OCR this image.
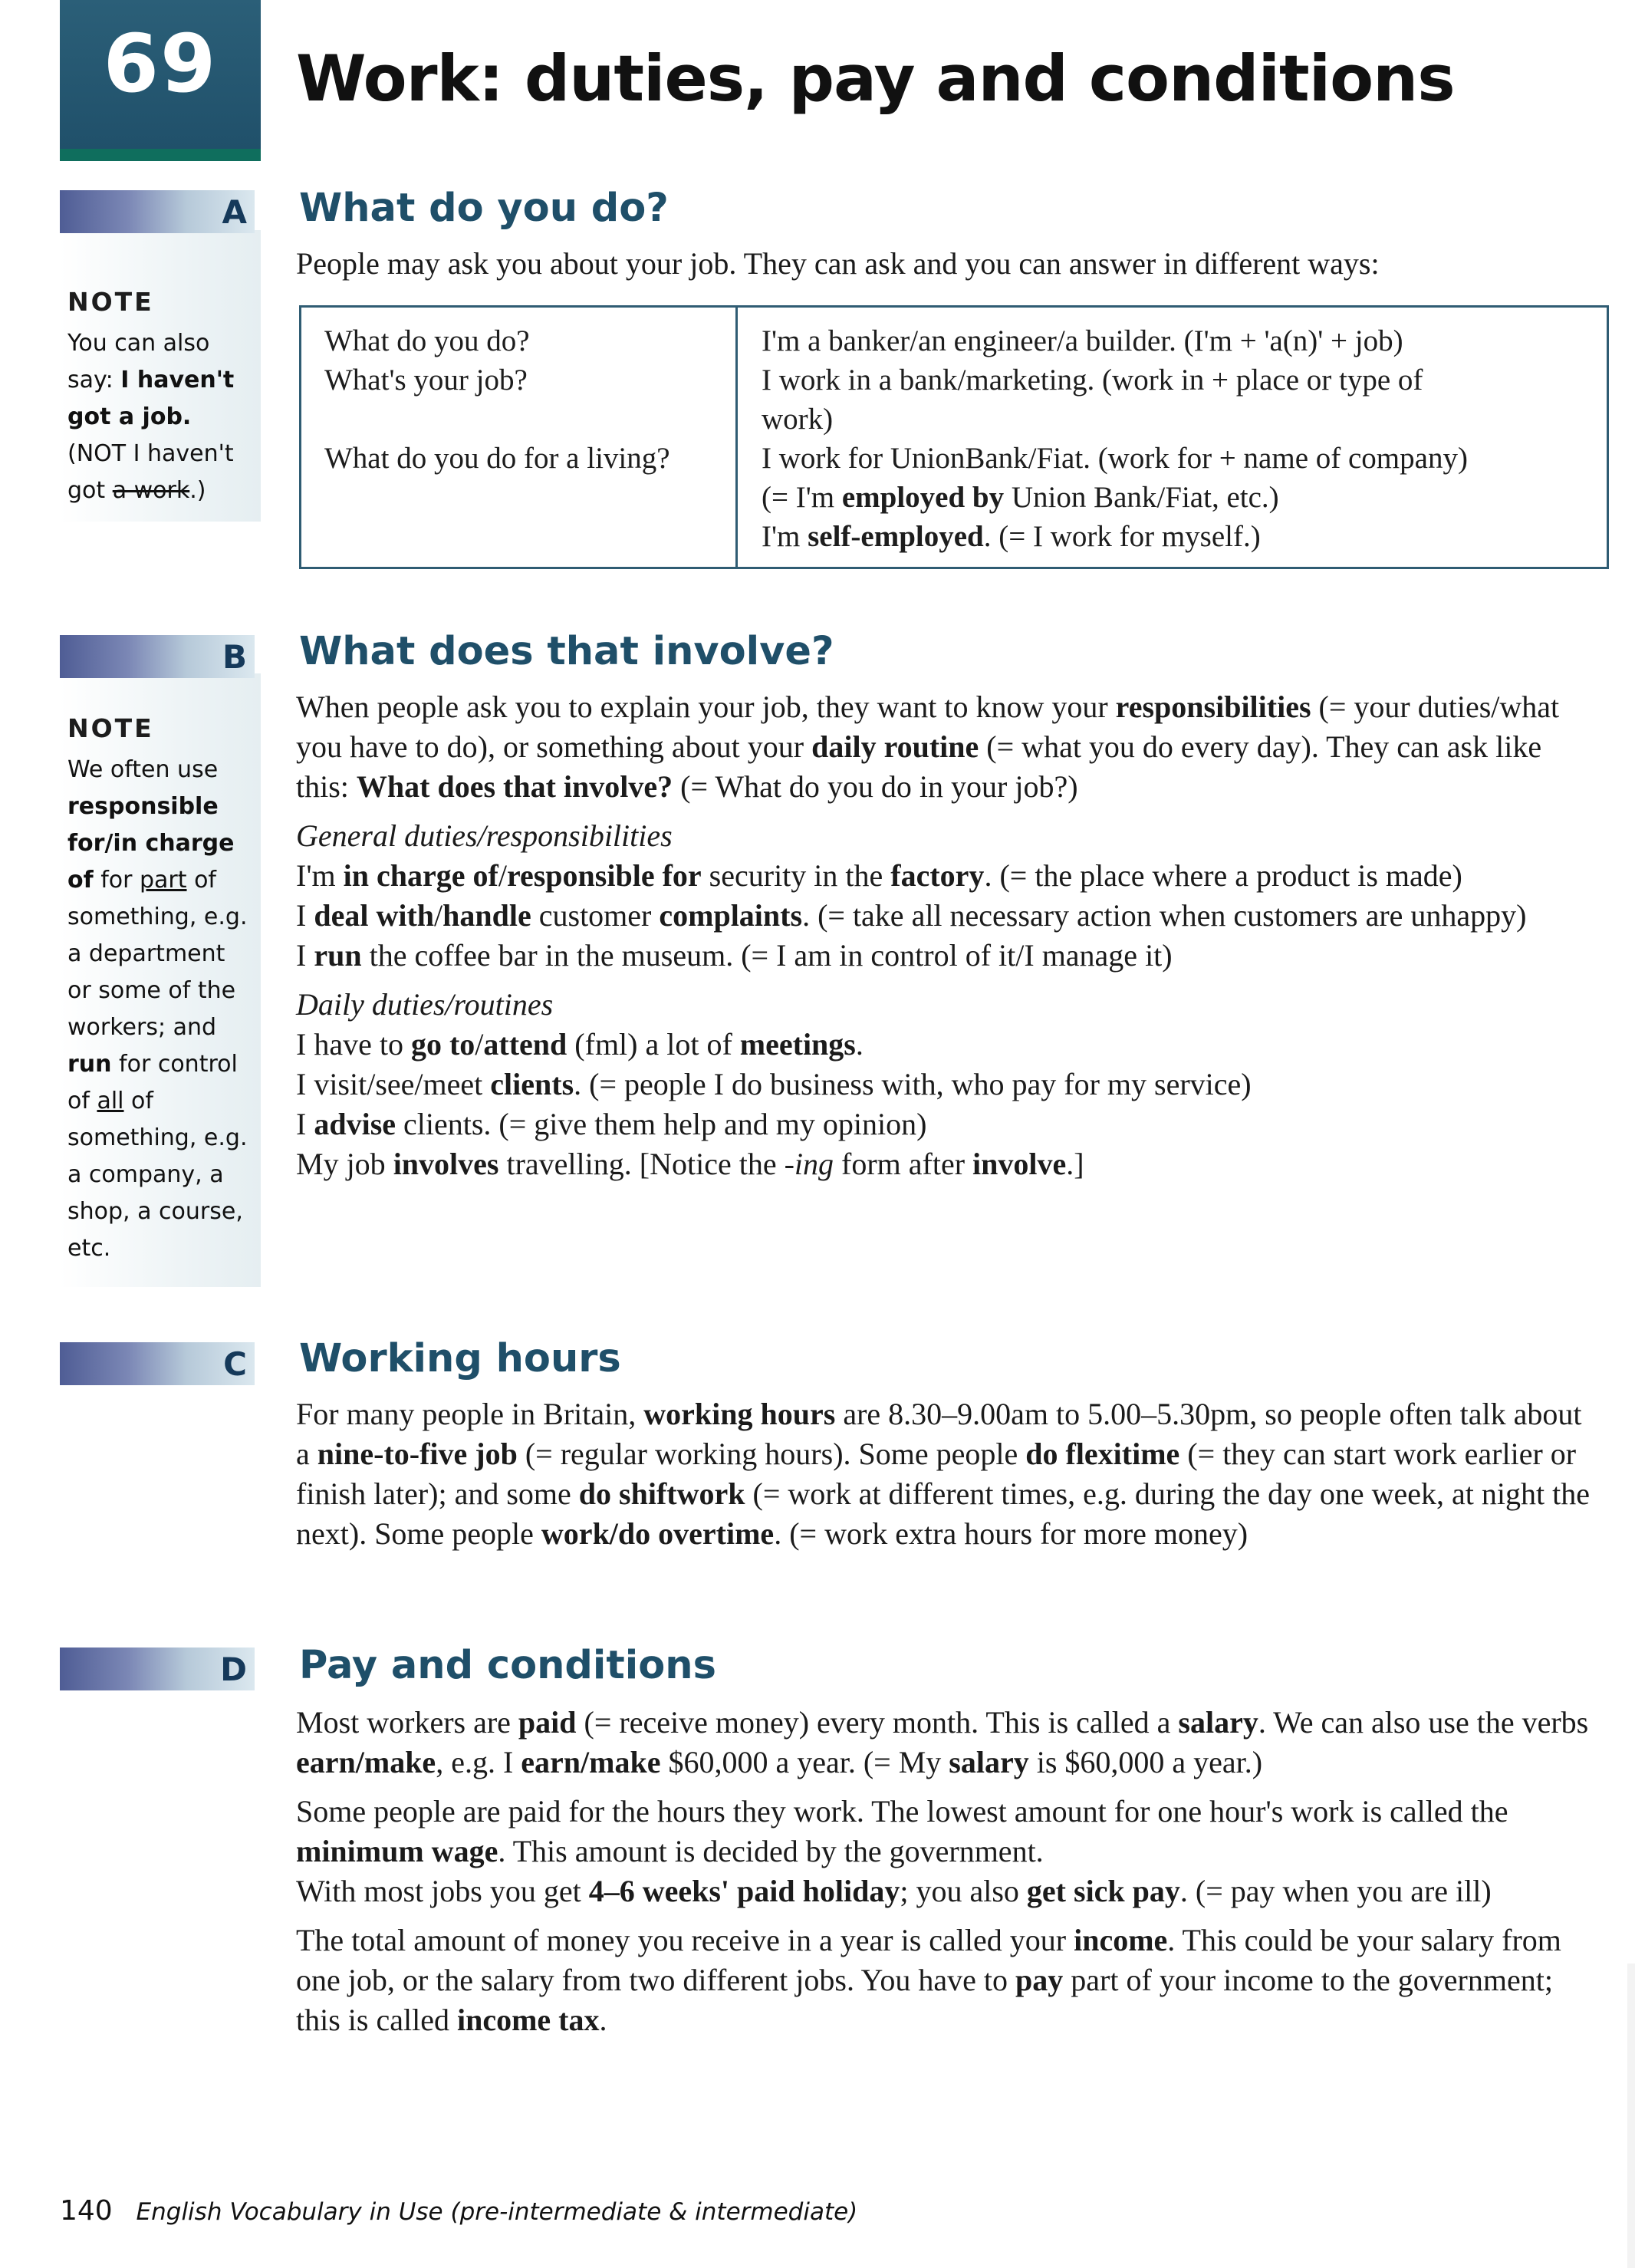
69	Work: duties, pay and conditions
A What do you do?

People may ask you about your job. They can ask and you can answer in different ways:

NOTE
You can also
say: I haven't
got a job.
(NOT I haven't
got a work.)

What do you do?

What's your job?

What do you do for a living?

I'm a banker/an engineer/a builder. (I'm + 'a(n)' + job)

I work in a bank/marketing. (work in + place or type of

work)

I work for UnionBank/Fiat. (work for + name of company)

(= I'm employed by Union Bank/Fiat, etc.)

I'm self-employed. (= I work for myself.)

B What does that involve?
NOTE
We often use
responsible
for/in charge
of for part of
something, e.g.
a department
or some of the
workers; and
run for control
of all of
something, e.g.
a company, a
shop, a course,
etc.

When people ask you to explain your job, they want to know your responsibilities (= your duties/what you have to do), or something about your daily routine (= what you do every day). They can ask like this: What does that involve? (= What do you do in your job?)

General duties/responsibilities

I'm in charge of/responsible for security in the factory. (= the place where a product is made)

I deal with/handle customer complaints. (= take all necessary action when customers are unhappy)

I run the coffee bar in the museum. (= I am in control of it/I manage it)

Daily duties/routines

I have to go to/attend (fml) a lot of meetings.

I visit/see/meet clients. (= people I do business with, who pay for my service)

I advise clients. (= give them help and my opinion)

My job involves travelling. [Notice the -ing form after involve.]

C Working hours

For many people in Britain, working hours are 8.30–9.00am to 5.00–5.30pm, so people often talk about a nine-to-five job (= regular working hours). Some people do flexitime (= they can start work earlier or finish later); and some do shiftwork (= work at different times, e.g. during the day one week, at night the next). Some people work/do overtime. (= work extra hours for more money)

D Pay and conditions

Most workers are paid (= receive money) every month. This is called a salary. We can also use the verbs earn/make, e.g. I earn/make $60,000 a year. (= My salary is $60,000 a year.)

Some people are paid for the hours they work. The lowest amount for one hour's work is called the minimum wage. This amount is decided by the government.

With most jobs you get 4–6 weeks' paid holiday; you also get sick pay. (= pay when you are ill)

The total amount of money you receive in a year is called your income. This could be your salary from one job, or the salary from two different jobs. You have to pay part of your income to the government; this is called income tax.

140 English Vocabulary in Use (pre-intermediate & intermediate)
